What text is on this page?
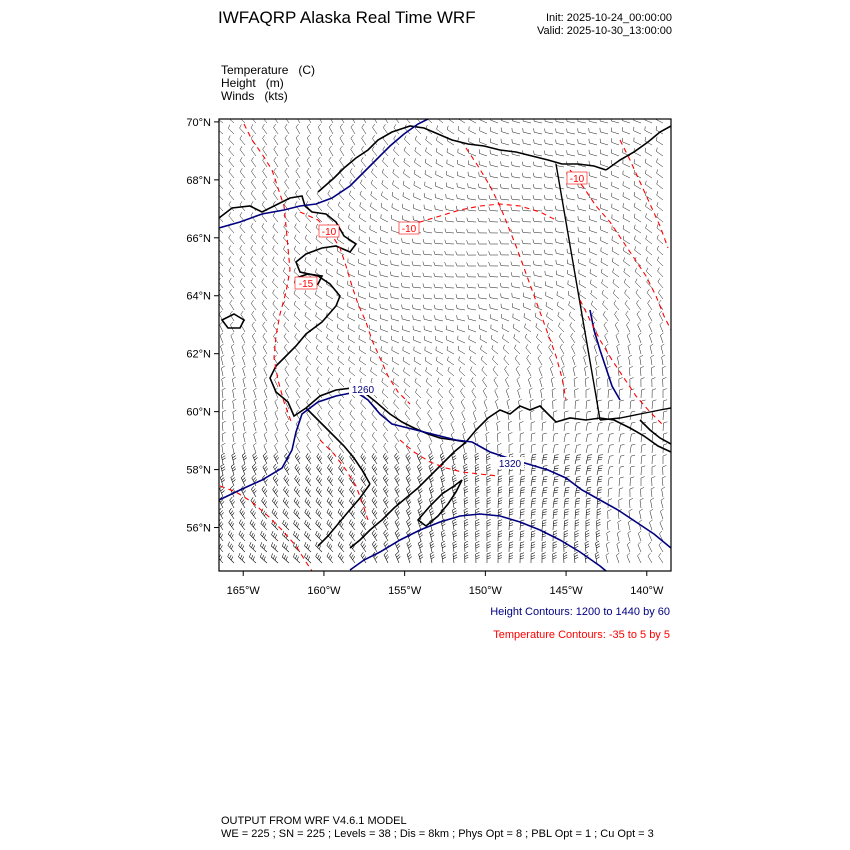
IWFAQRP Alaska Real Time WRF	Init: 2025-10-24_00:00:00
Valid: 2025-10-30_13:00:00
Temperature (C)
Height (m)
Winds (kts)
70°N
68°N
66°N
64°N
62°N
60°N
58°N
56°N
165°W	160°W	155°W	150°W	145°W	140°W
1260
1320
-10	-10
-15
-10
Height Contours: 1200 to 1440 by 60
Temperature Contours: -35 to 5 by 5
OUTPUT FROM WRF V4.6.1 MODEL
WE = 225 ; SN = 225 ; Levels = 38 ; Dis = 8km ; Phys Opt = 8 ; PBL Opt = 1 ; Cu Opt = 3
